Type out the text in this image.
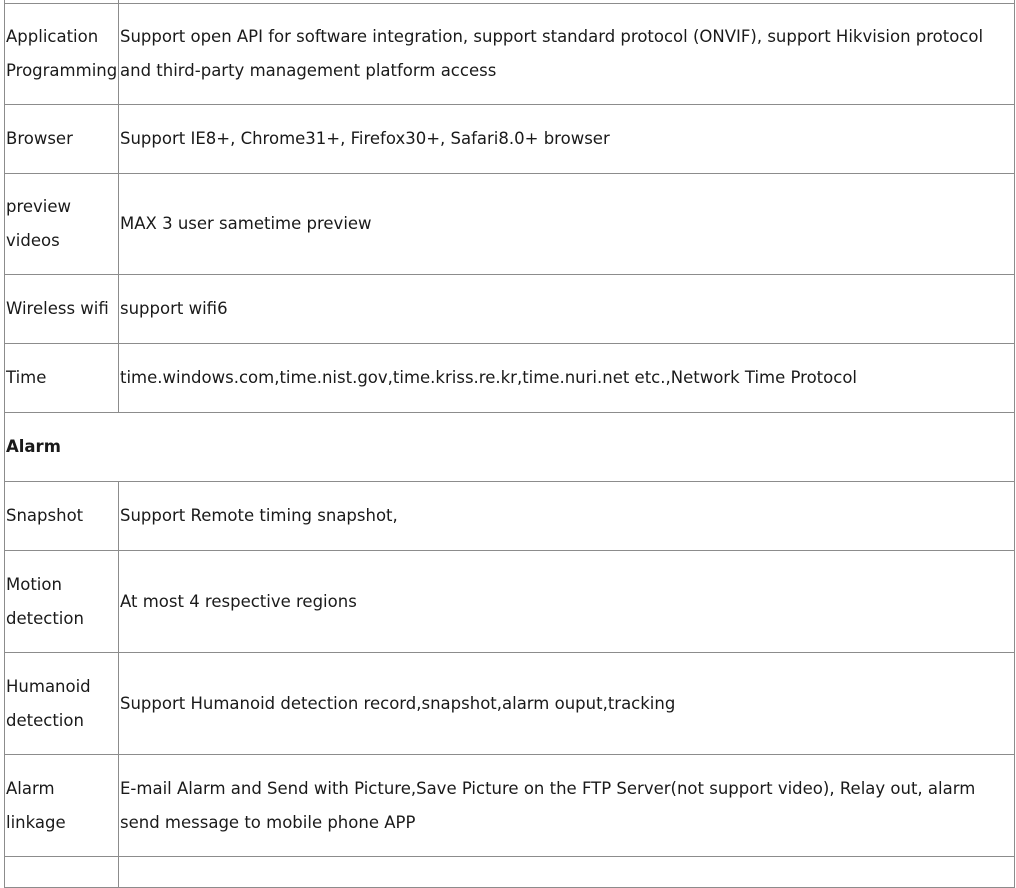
Application Programming	Support open API for software integration, support standard protocol (ONVIF), support Hikvision protocol and third-party management platform access
Browser	Support IE8+, Chrome31+, Firefox30+, Safari8.0+ browser
preview videos	MAX 3 user sametime preview
Wireless wifi	support wifi6
Time	time.windows.com,time.nist.gov,time.kriss.re.kr,time.nuri.net etc.,Network Time Protocol
Alarm	
Snapshot	Support Remote timing snapshot,
Motion detection	At most 4 respective regions
Humanoid detection	Support Humanoid detection record,snapshot,alarm ouput,tracking
Alarm linkage	E-mail Alarm and Send with Picture,Save Picture on the FTP Server(not support video), Relay out, alarm send message to mobile phone APP
